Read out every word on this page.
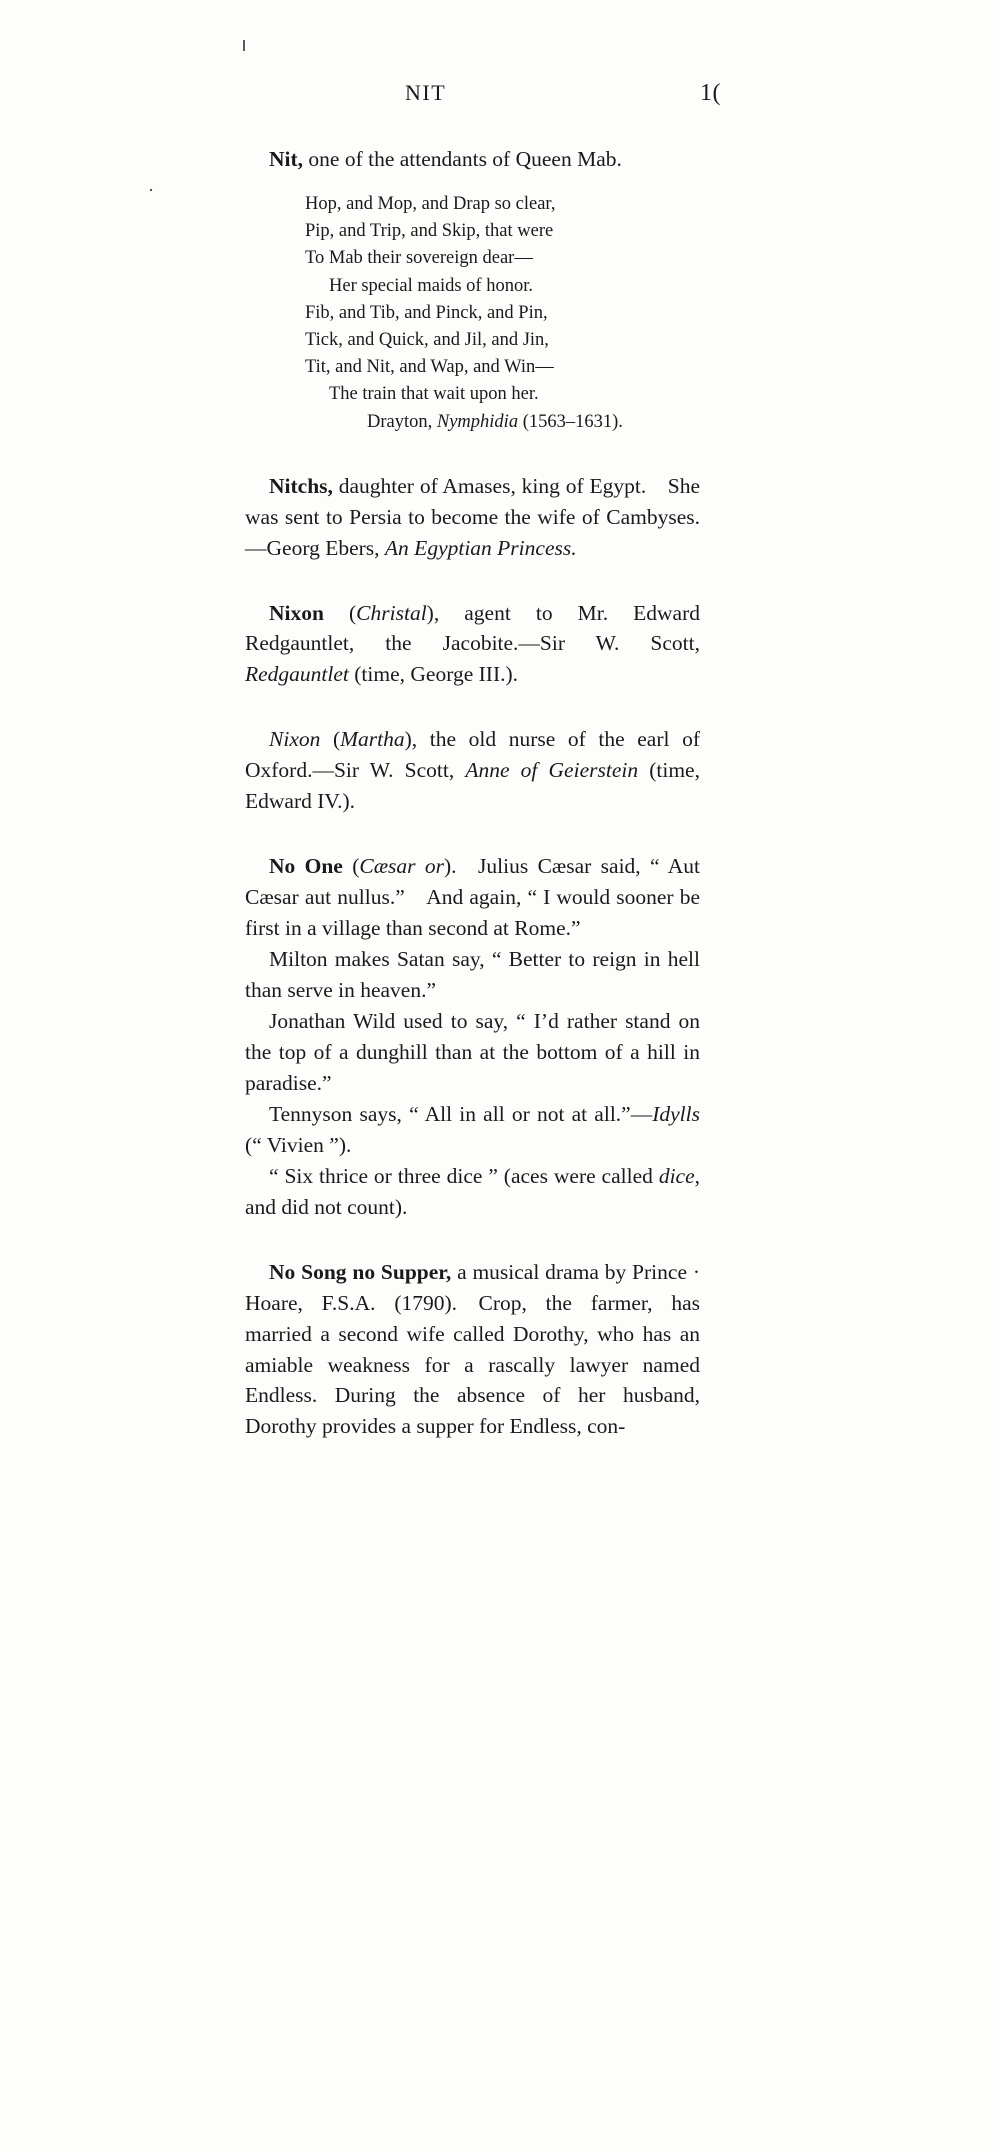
·
NIT	1(

Nit, one of the attendants of Queen Mab.

Hop, and Mop, and Drap so clear,
Pip, and Trip, and Skip, that were
To Mab their sovereign dear—
Her special maids of honor.
Fib, and Tib, and Pinck, and Pin,
Tick, and Quick, and Jil, and Jin,
Tit, and Nit, and Wap, and Win—
The train that wait upon her.
Drayton, Nymphidia (1563–1631).

Nitchs, daughter of Amases, king of Egypt. She was sent to Persia to become the wife of Cambyses.—Georg Ebers, An Egyptian Princess.

Nixon (Christal), agent to Mr. Edward Redgauntlet, the Jacobite.—Sir W. Scott, Redgauntlet (time, George III.).

Nixon (Martha), the old nurse of the earl of Oxford.—Sir W. Scott, Anne of Geierstein (time, Edward IV.).

No One (Cæsar or). Julius Cæsar said, “ Aut Cæsar aut nullus.” And again, “ I would sooner be first in a village than second at Rome.”

Milton makes Satan say, “ Better to reign in hell than serve in heaven.”

Jonathan Wild used to say, “ I’d rather stand on the top of a dunghill than at the bottom of a hill in paradise.”

Tennyson says, “ All in all or not at all.”—Idylls (“ Vivien ”).

“ Six thrice or three dice ” (aces were called dice, and did not count).

No Song no Supper, a musical drama by Prince · Hoare, F.S.A. (1790). Crop, the farmer, has married a second wife called Dorothy, who has an amiable weakness for a rascally lawyer named Endless. During the absence of her husband, Dorothy provides a supper for Endless, con-
